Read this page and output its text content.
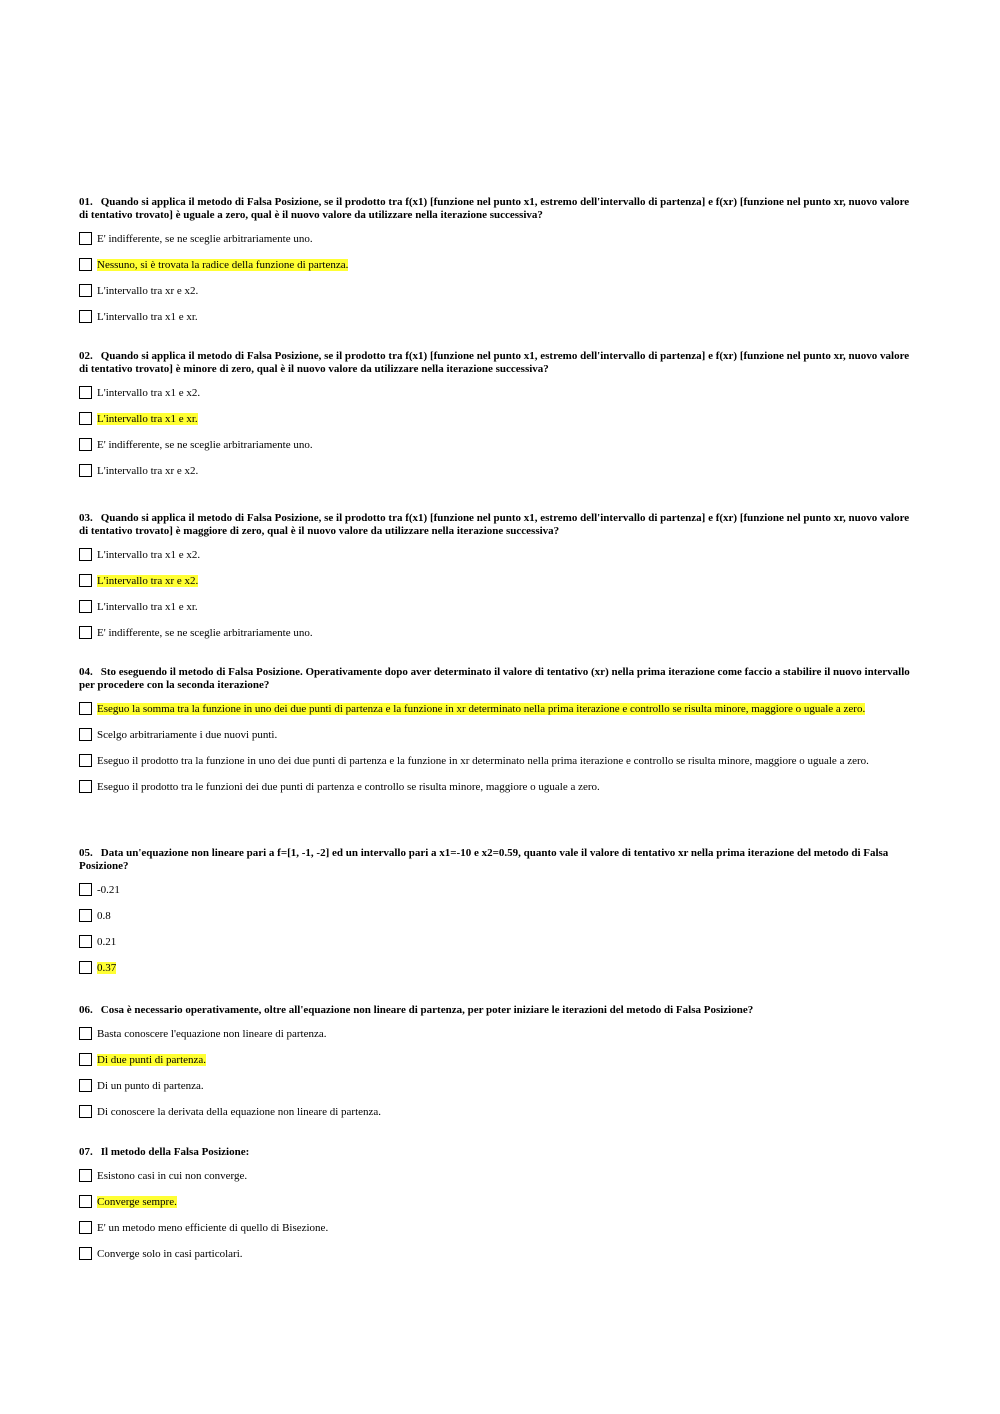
01. Quando si applica il metodo di Falsa Posizione, se il prodotto tra f(x1) [funzione nel punto x1, estremo dell'intervallo di partenza] e f(xr) [funzione nel punto xr, nuovo valore di tentativo trovato] è uguale a zero, qual è il nuovo valore da utilizzare nella iterazione successiva?

E' indifferente, se ne sceglie arbitrariamente uno.
Nessuno, si è trovata la radice della funzione di partenza.
L'intervallo tra xr e x2.
L'intervallo tra x1 e xr.

02. Quando si applica il metodo di Falsa Posizione, se il prodotto tra f(x1) [funzione nel punto x1, estremo dell'intervallo di partenza] e f(xr) [funzione nel punto xr, nuovo valore di tentativo trovato] è minore di zero, qual è il nuovo valore da utilizzare nella iterazione successiva?

L'intervallo tra x1 e x2.
L'intervallo tra x1 e xr.
E' indifferente, se ne sceglie arbitrariamente uno.
L'intervallo tra xr e x2.

03. Quando si applica il metodo di Falsa Posizione, se il prodotto tra f(x1) [funzione nel punto x1, estremo dell'intervallo di partenza] e f(xr) [funzione nel punto xr, nuovo valore di tentativo trovato] è maggiore di zero, qual è il nuovo valore da utilizzare nella iterazione successiva?

L'intervallo tra x1 e x2.
L'intervallo tra xr e x2.
L'intervallo tra x1 e xr.
E' indifferente, se ne sceglie arbitrariamente uno.

04. Sto eseguendo il metodo di Falsa Posizione. Operativamente dopo aver determinato il valore di tentativo (xr) nella prima iterazione come faccio a stabilire il nuovo intervallo per procedere con la seconda iterazione?

Eseguo la somma tra la funzione in uno dei due punti di partenza e la funzione in xr determinato nella prima iterazione e controllo se risulta minore, maggiore o uguale a zero.
Scelgo arbitrariamente i due nuovi punti.
Eseguo il prodotto tra la funzione in uno dei due punti di partenza e la funzione in xr determinato nella prima iterazione e controllo se risulta minore, maggiore o uguale a zero.
Eseguo il prodotto tra le funzioni dei due punti di partenza e controllo se risulta minore, maggiore o uguale a zero.

05. Data un'equazione non lineare pari a f=[1, -1, -2] ed un intervallo pari a x1=-10 e x2=0.59, quanto vale il valore di tentativo xr nella prima iterazione del metodo di Falsa Posizione?

-0.21
0.8
0.21
0.37

06. Cosa è necessario operativamente, oltre all'equazione non lineare di partenza, per poter iniziare le iterazioni del metodo di Falsa Posizione?

Basta conoscere l'equazione non lineare di partenza.
Di due punti di partenza.
Di un punto di partenza.
Di conoscere la derivata della equazione non lineare di partenza.

07. Il metodo della Falsa Posizione:

Esistono casi in cui non converge.
Converge sempre.
E' un metodo meno efficiente di quello di Bisezione.
Converge solo in casi particolari.
